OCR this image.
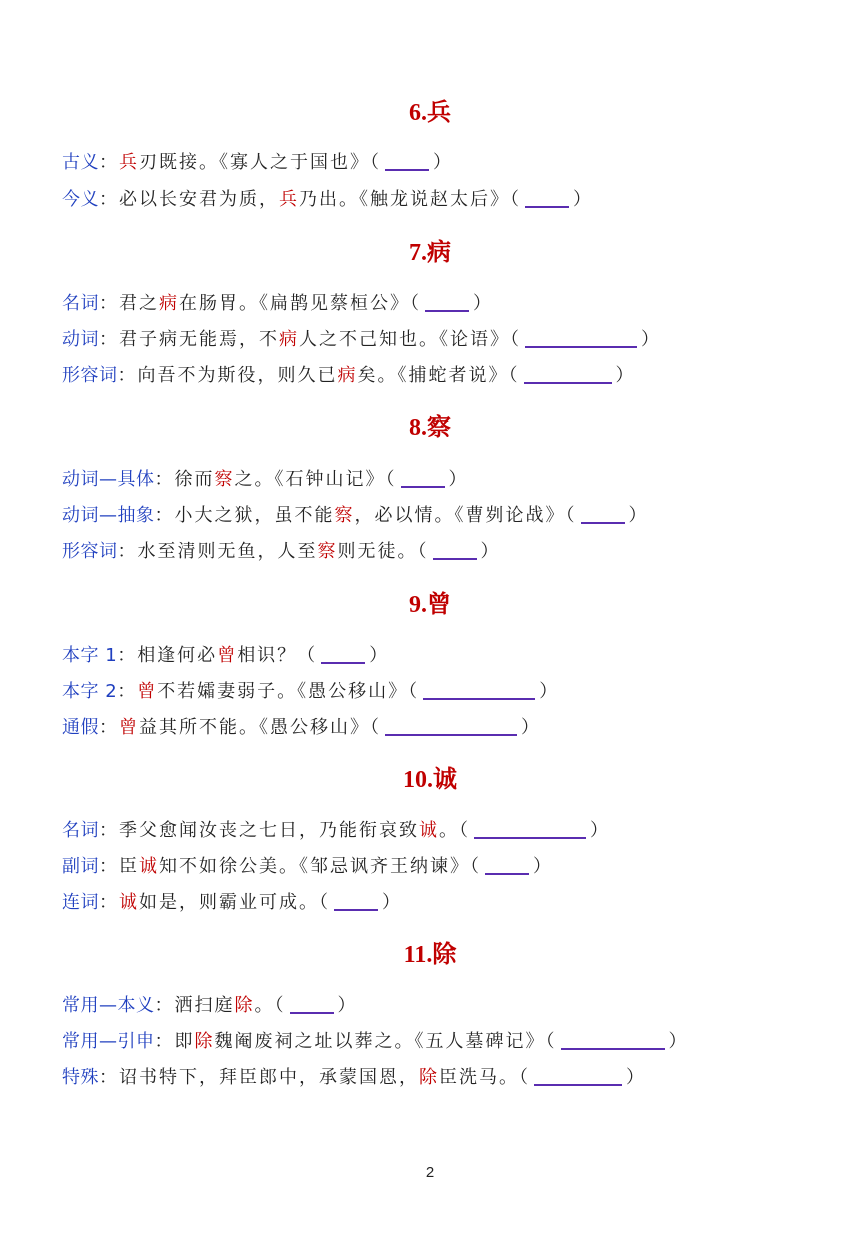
6.兵
古义：兵刃既接。《寡人之于国也》（	）
今义：必以长安君为质，兵乃出。《触龙说赵太后》（	）
7.病
名词：君之病在肠胃。《扁鹊见蔡桓公》（	）
动词：君子病无能焉，不病人之不己知也。《论语》（	）
形容词：向吾不为斯役，则久已病矣。《捕蛇者说》（	）
8.察
动词—具体：徐而察之。《石钟山记》（	）
动词—抽象：小大之狱，虽不能察，必以情。《曹刿论战》（	）
形容词：水至清则无鱼，人至察则无徒。（	）
9.曾
本字 1：相逢何必曾相识？（	）
本字 2：曾不若孀妻弱子。《愚公移山》（	）
通假：曾益其所不能。《愚公移山》（	）
10.诚
名词：季父愈闻汝丧之七日，乃能衔哀致诚。（	）
副词：臣诚知不如徐公美。《邹忌讽齐王纳谏》（	）
连词：诚如是，则霸业可成。（	）
11.除
常用—本义：洒扫庭除。（	）
常用—引申：即除魏阉废祠之址以葬之。《五人墓碑记》（	）
特殊：诏书特下，拜臣郎中，承蒙国恩，除臣洗马。（	）
2
